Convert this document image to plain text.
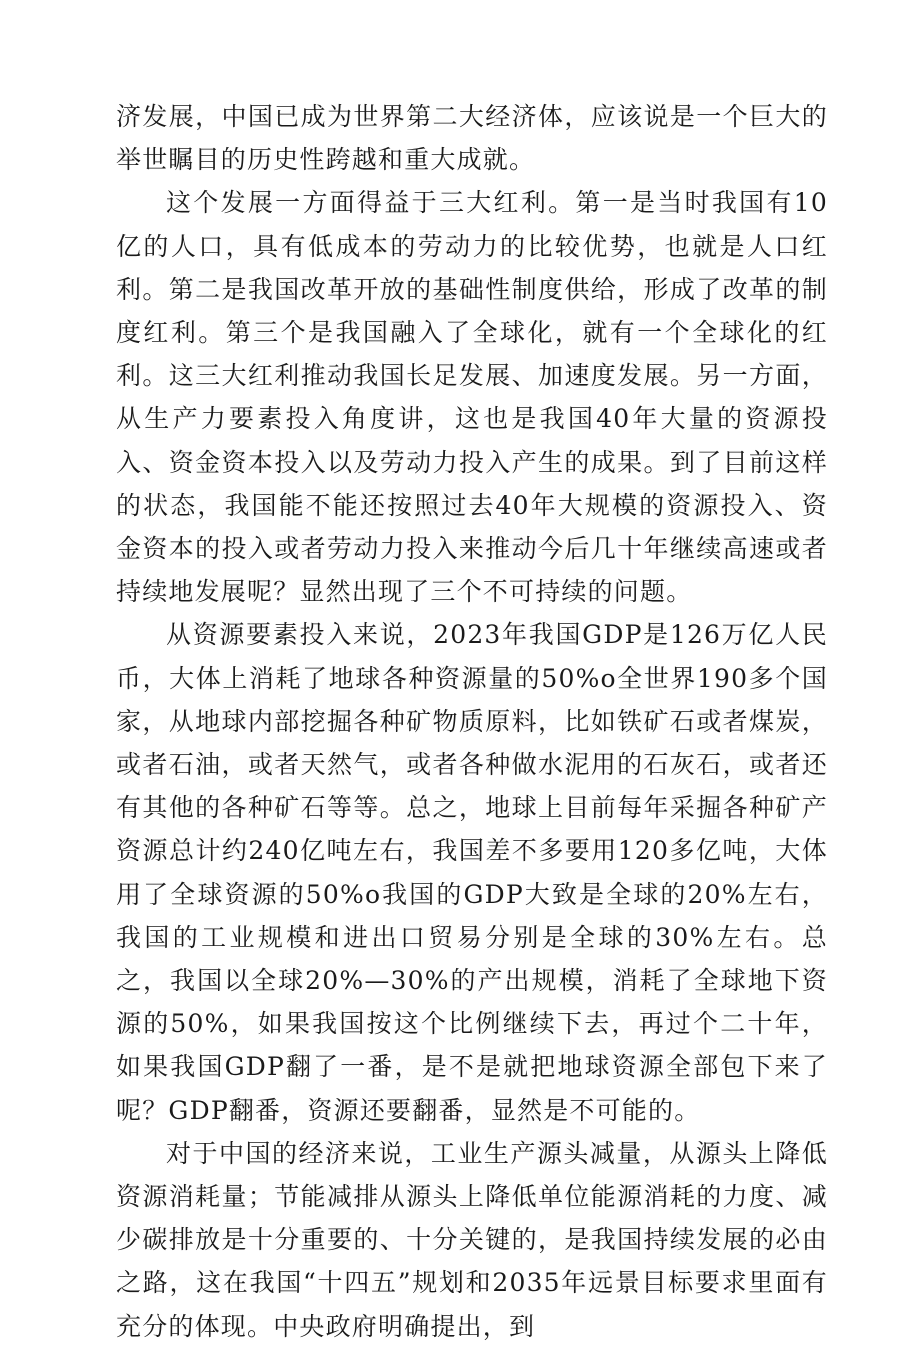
济发展，中国已成为世界第二大经济体，应该说是一个巨大的举世瞩目的历史性跨越和重大成就。

这个发展一方面得益于三大红利。第一是当时我国有10亿的人口，具有低成本的劳动力的比较优势，也就是人口红利。第二是我国改革开放的基础性制度供给，形成了改革的制度红利。第三个是我国融入了全球化，就有一个全球化的红利。这三大红利推动我国长足发展、加速度发展。另一方面，从生产力要素投入角度讲，这也是我国40年大量的资源投入、资金资本投入以及劳动力投入产生的成果。到了目前这样的状态，我国能不能还按照过去40年大规模的资源投入、资金资本的投入或者劳动力投入来推动今后几十年继续高速或者持续地发展呢？显然出现了三个不可持续的问题。

从资源要素投入来说，2023年我国GDP是126万亿人民币，大体上消耗了地球各种资源量的50%o全世界190多个国家，从地球内部挖掘各种矿物质原料，比如铁矿石或者煤炭，或者石油，或者天然气，或者各种做水泥用的石灰石，或者还有其他的各种矿石等等。总之，地球上目前每年采掘各种矿产资源总计约240亿吨左右，我国差不多要用120多亿吨，大体用了全球资源的50%o我国的GDP大致是全球的20%左右，我国的工业规模和进出口贸易分别是全球的30%左右。总之，我国以全球20%—30%的产出规模，消耗了全球地下资源的50%，如果我国按这个比例继续下去，再过个二十年，如果我国GDP翻了一番，是不是就把地球资源全部包下来了呢？GDP翻番，资源还要翻番，显然是不可能的。

对于中国的经济来说，工业生产源头减量，从源头上降低资源消耗量；节能减排从源头上降低单位能源消耗的力度、减少碳排放是十分重要的、十分关键的，是我国持续发展的必由之路，这在我国“十四五”规划和2035年远景目标要求里面有充分的体现。中央政府明确提出，到
